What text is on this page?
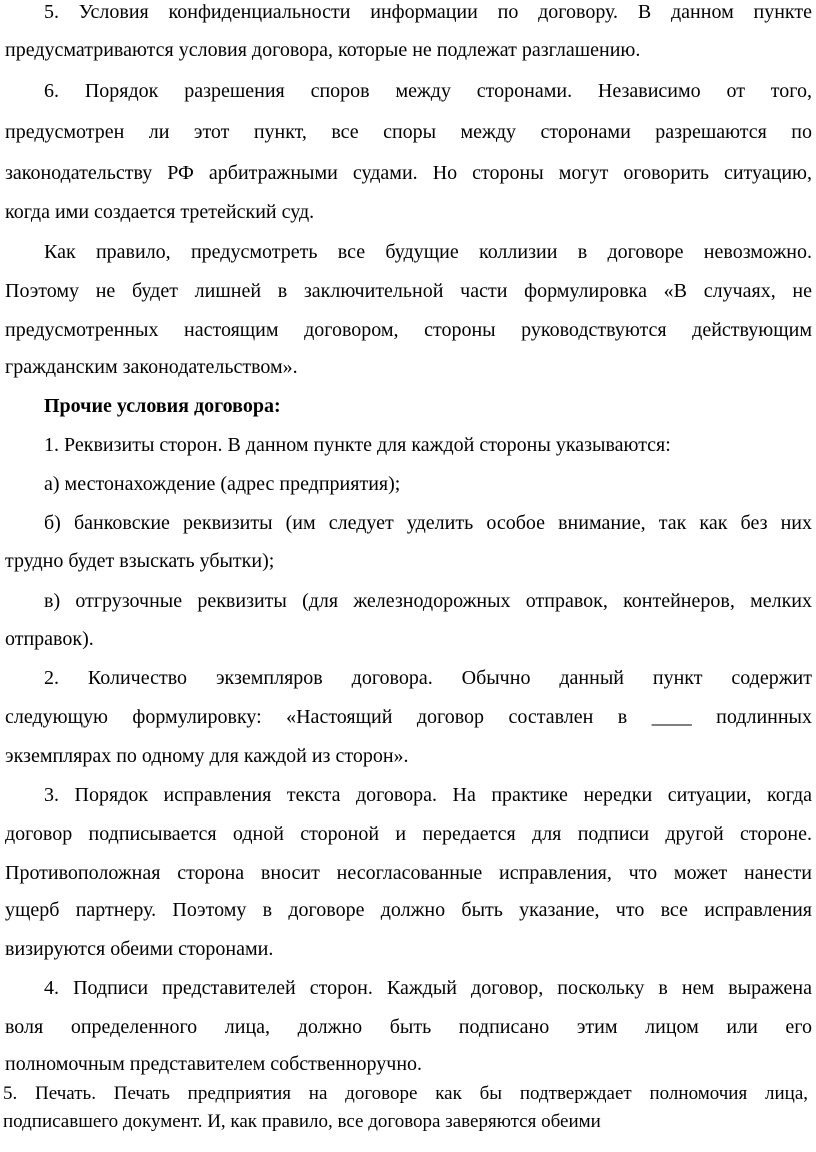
5. Условия конфиденциальности информации по договору. В данном пункте
предусматриваются условия договора, которые не подлежат разглашению.
6. Порядок разрешения споров между сторонами. Независимо от того,
предусмотрен ли этот пункт, все споры между сторонами разрешаются по
законодательству РФ арбитражными судами. Но стороны могут оговорить ситуацию,
когда ими создается третейский суд.
Как правило, предусмотреть все будущие коллизии в договоре невозможно.
Поэтому не будет лишней в заключительной части формулировка «В случаях, не
предусмотренных настоящим договором, стороны руководствуются действующим
гражданским законодательством».
Прочие условия договора:
1. Реквизиты сторон. В данном пункте для каждой стороны указываются:
а) местонахождение (адрес предприятия);
б) банковские реквизиты (им следует уделить особое внимание, так как без них
трудно будет взыскать убытки);
в) отгрузочные реквизиты (для железнодорожных отправок, контейнеров, мелких
отправок).
2. Количество экземпляров договора. Обычно данный пункт содержит
следующую формулировку: «Настоящий договор составлен в ____ подлинных
экземплярах по одному для каждой из сторон».
3. Порядок исправления текста договора. На практике нередки ситуации, когда
договор подписывается одной стороной и передается для подписи другой стороне.
Противоположная сторона вносит несогласованные исправления, что может нанести
ущерб партнеру. Поэтому в договоре должно быть указание, что все исправления
визируются обеими сторонами.
4. Подписи представителей сторон. Каждый договор, поскольку в нем выражена
воля определенного лица, должно быть подписано этим лицом или его
полномочным представителем собственноручно.
5. Печать. Печать предприятия на договоре как бы подтверждает полномочия лица,
подписавшего документ. И, как правило, все договора заверяются обеими
